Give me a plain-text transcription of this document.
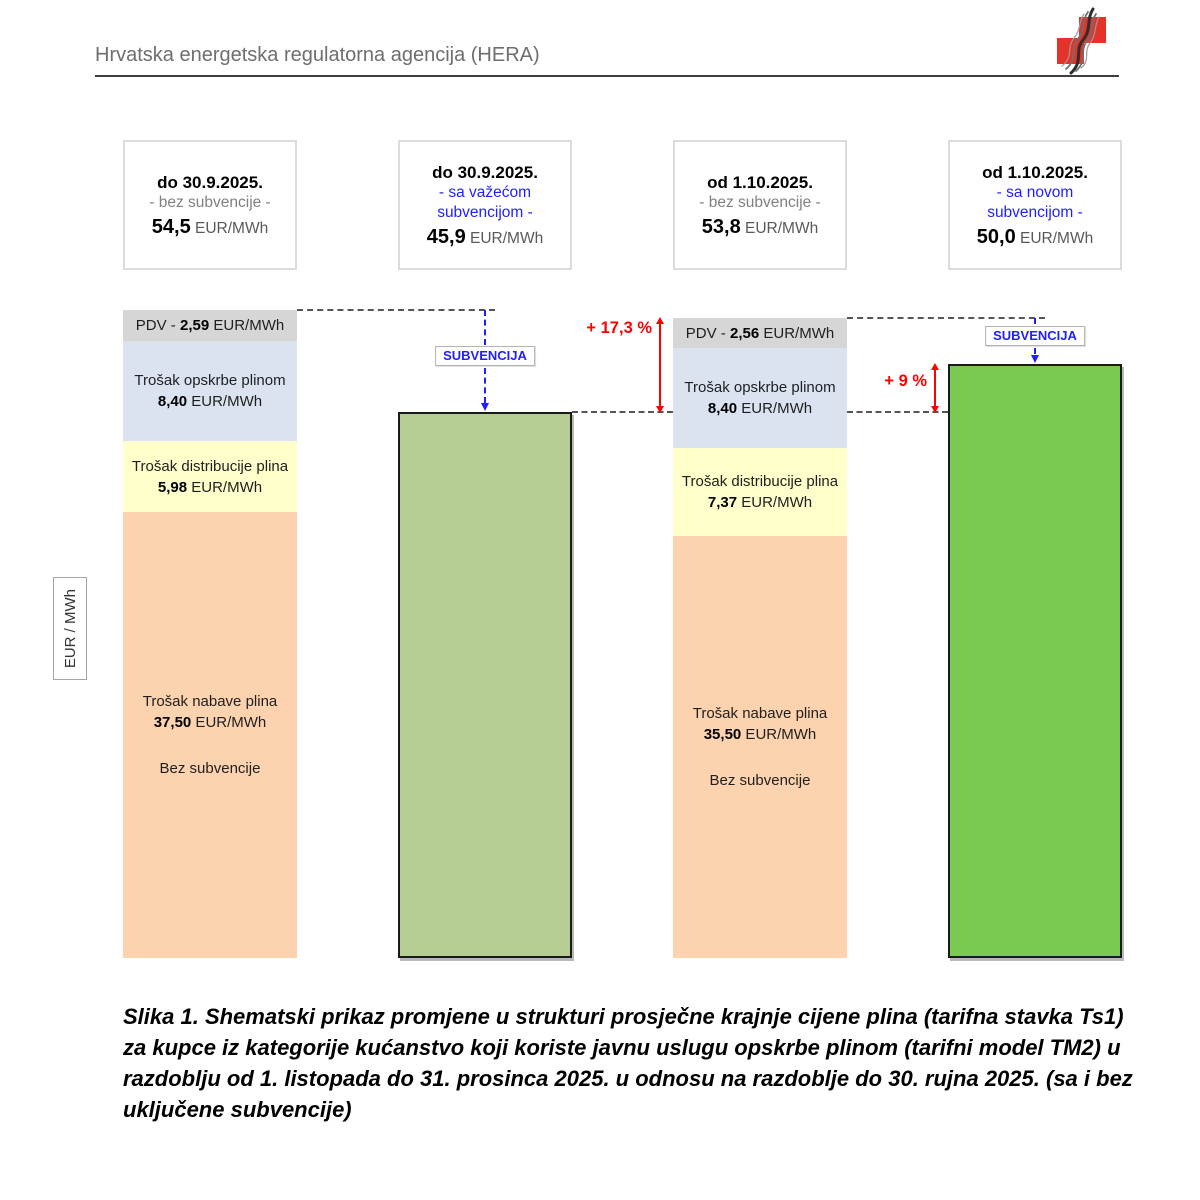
Hrvatska energetska regulatorna agencija (HERA)
EUR / MWh
do 30.9.2025.
- bez subvencije -
54,5 EUR/MWh
PDV - 2,59 EUR/MWh
Trošak opskrbe plinom
8,40 EUR/MWh
Trošak distribucije plina
5,98 EUR/MWh
Trošak nabave plina
37,50 EUR/MWh
Bez subvencije
do 30.9.2025.
- sa važećom subvencijom -
45,9 EUR/MWh
od 1.10.2025.
- bez subvencije -
53,8 EUR/MWh
PDV - 2,56 EUR/MWh
Trošak opskrbe plinom
8,40 EUR/MWh
Trošak distribucije plina
7,37 EUR/MWh
Trošak nabave plina
35,50 EUR/MWh
Bez subvencije
od 1.10.2025.
- sa novom subvencijom -
50,0 EUR/MWh
SUBVENCIJA
SUBVENCIJA
+ 17,3 %
+ 9 %

Slika 1. Shematski prikaz promjene u strukturi prosječne krajnje cijene plina (tarifna stavka Ts1) za kupce iz kategorije kućanstvo koji koriste javnu uslugu opskrbe plinom (tarifni model TM2) u razdoblju od 1. listopada do 31. prosinca 2025. u odnosu na razdoblje do 30. rujna 2025. (sa i bez uključene subvencije)
